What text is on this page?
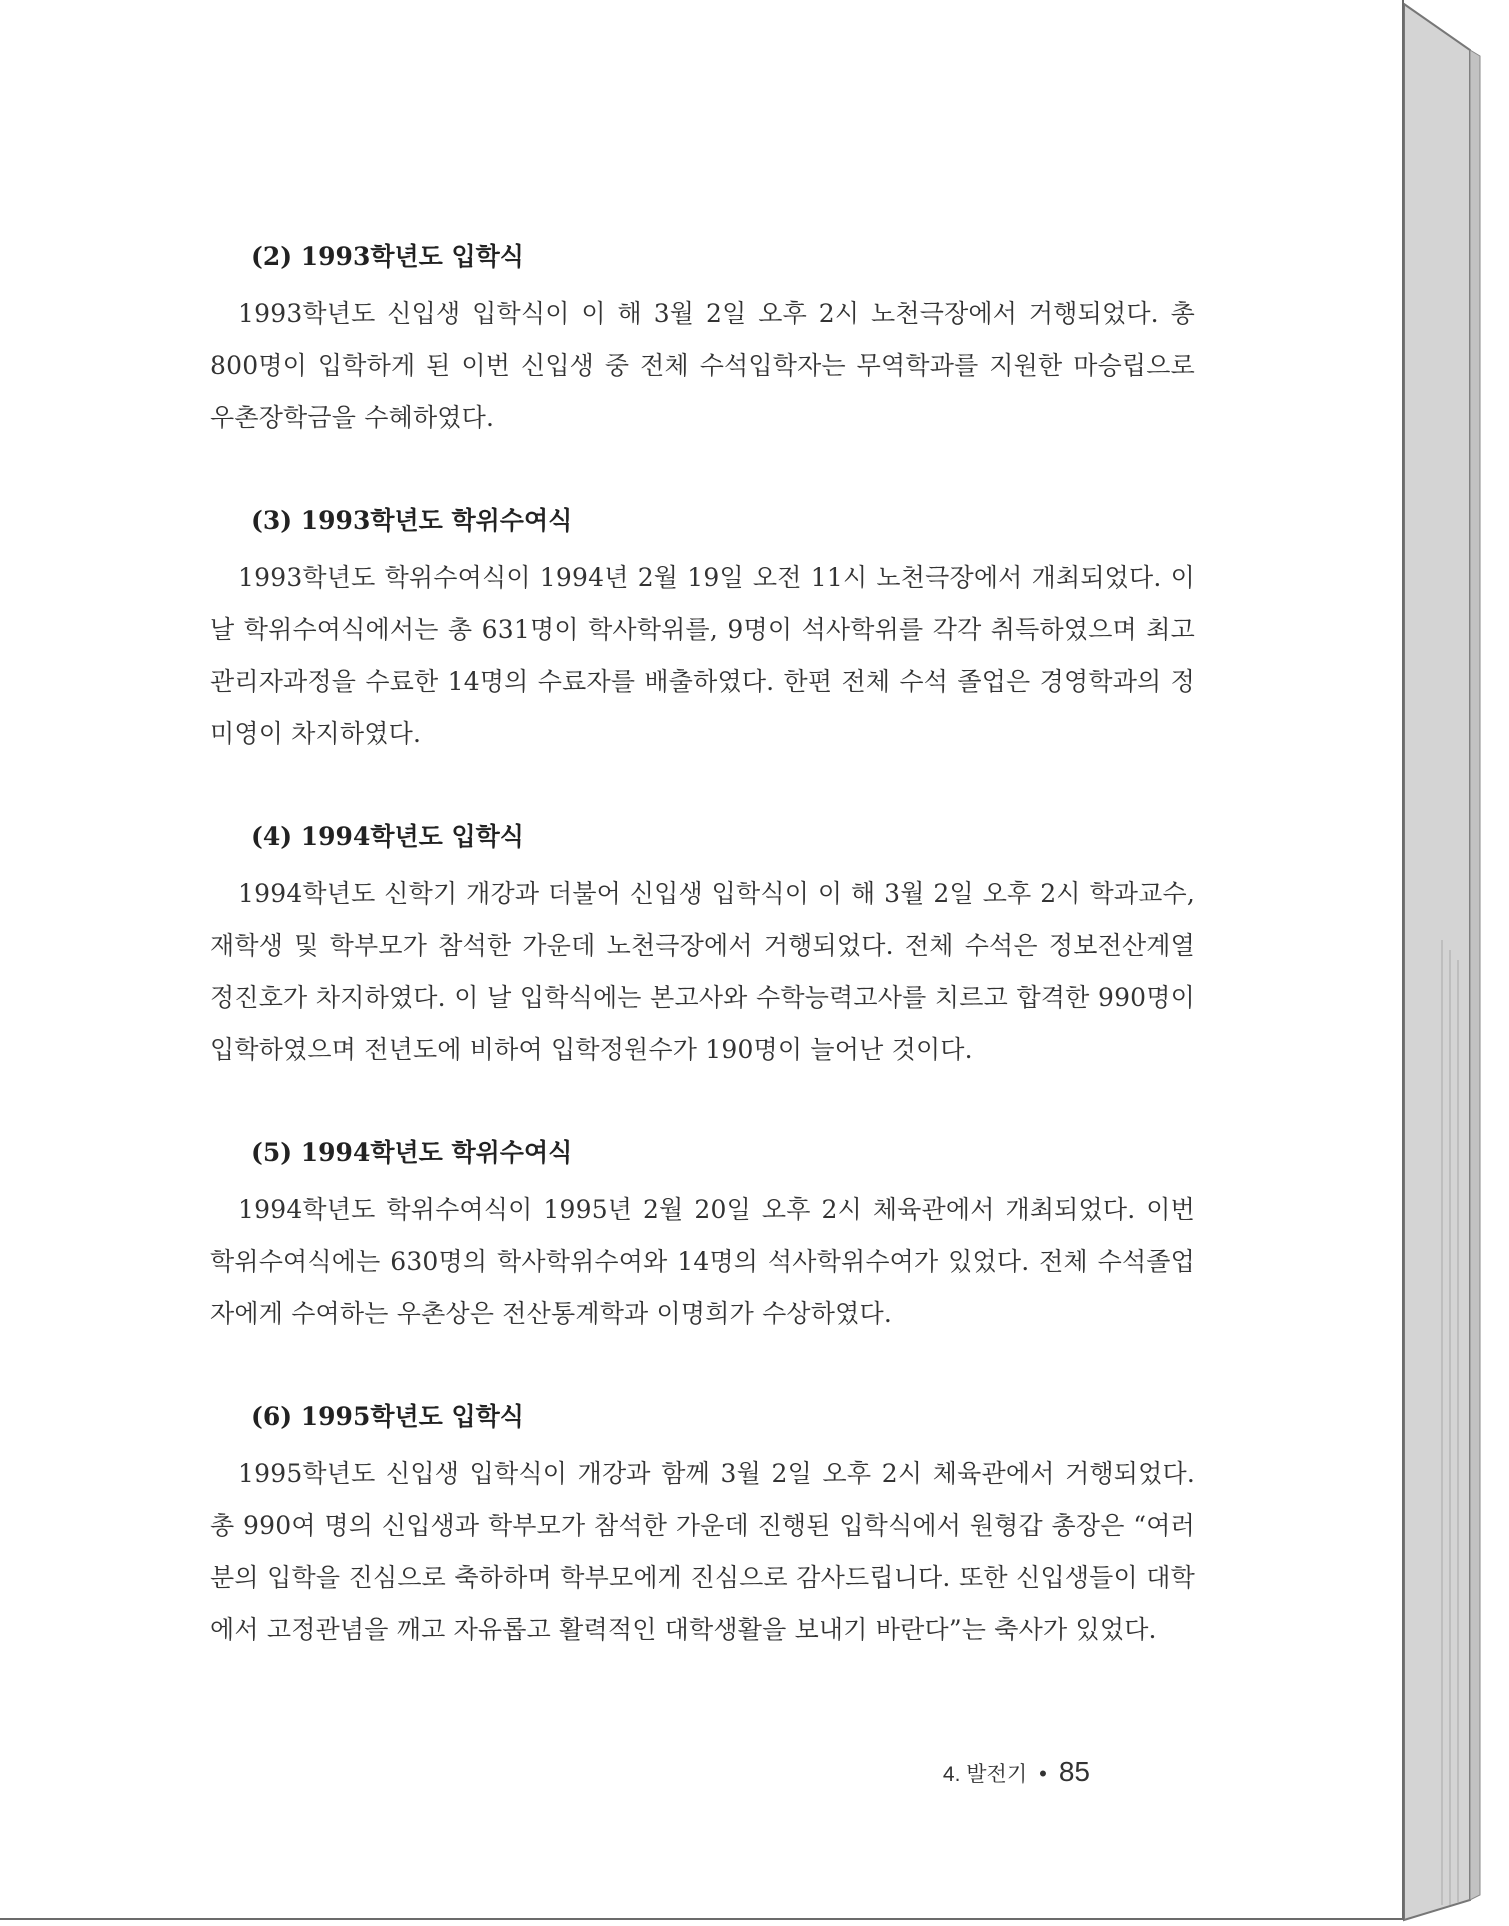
(2) 1993학년도 입학식

1993학년도 신입생 입학식이 이 해 3월 2일 오후 2시 노천극장에서 거행되었다. 총 800명이 입학하게 된 이번 신입생 중 전체 수석입학자는 무역학과를 지원한 마승립으로 우촌장학금을 수혜하였다.

(3) 1993학년도 학위수여식

1993학년도 학위수여식이 1994년 2월 19일 오전 11시 노천극장에서 개최되었다. 이 날 학위수여식에서는 총 631명이 학사학위를, 9명이 석사학위를 각각 취득하였으며 최고관리자과정을 수료한 14명의 수료자를 배출하였다. 한편 전체 수석 졸업은 경영학과의 정미영이 차지하였다.

(4) 1994학년도 입학식

1994학년도 신학기 개강과 더불어 신입생 입학식이 이 해 3월 2일 오후 2시 학과교수, 재학생 및 학부모가 참석한 가운데 노천극장에서 거행되었다. 전체 수석은 정보전산계열 정진호가 차지하였다. 이 날 입학식에는 본고사와 수학능력고사를 치르고 합격한 990명이 입학하였으며 전년도에 비하여 입학정원수가 190명이 늘어난 것이다.

(5) 1994학년도 학위수여식

1994학년도 학위수여식이 1995년 2월 20일 오후 2시 체육관에서 개최되었다. 이번 학위수여식에는 630명의 학사학위수여와 14명의 석사학위수여가 있었다. 전체 수석졸업자에게 수여하는 우촌상은 전산통계학과 이명희가 수상하였다.

(6) 1995학년도 입학식

1995학년도 신입생 입학식이 개강과 함께 3월 2일 오후 2시 체육관에서 거행되었다. 총 990여 명의 신입생과 학부모가 참석한 가운데 진행된 입학식에서 원형갑 총장은 “여러분의 입학을 진심으로 축하하며 학부모에게 진심으로 감사드립니다. 또한 신입생들이 대학에서 고정관념을 깨고 자유롭고 활력적인 대학생활을 보내기 바란다”는 축사가 있었다.

4. 발전기 • 85
